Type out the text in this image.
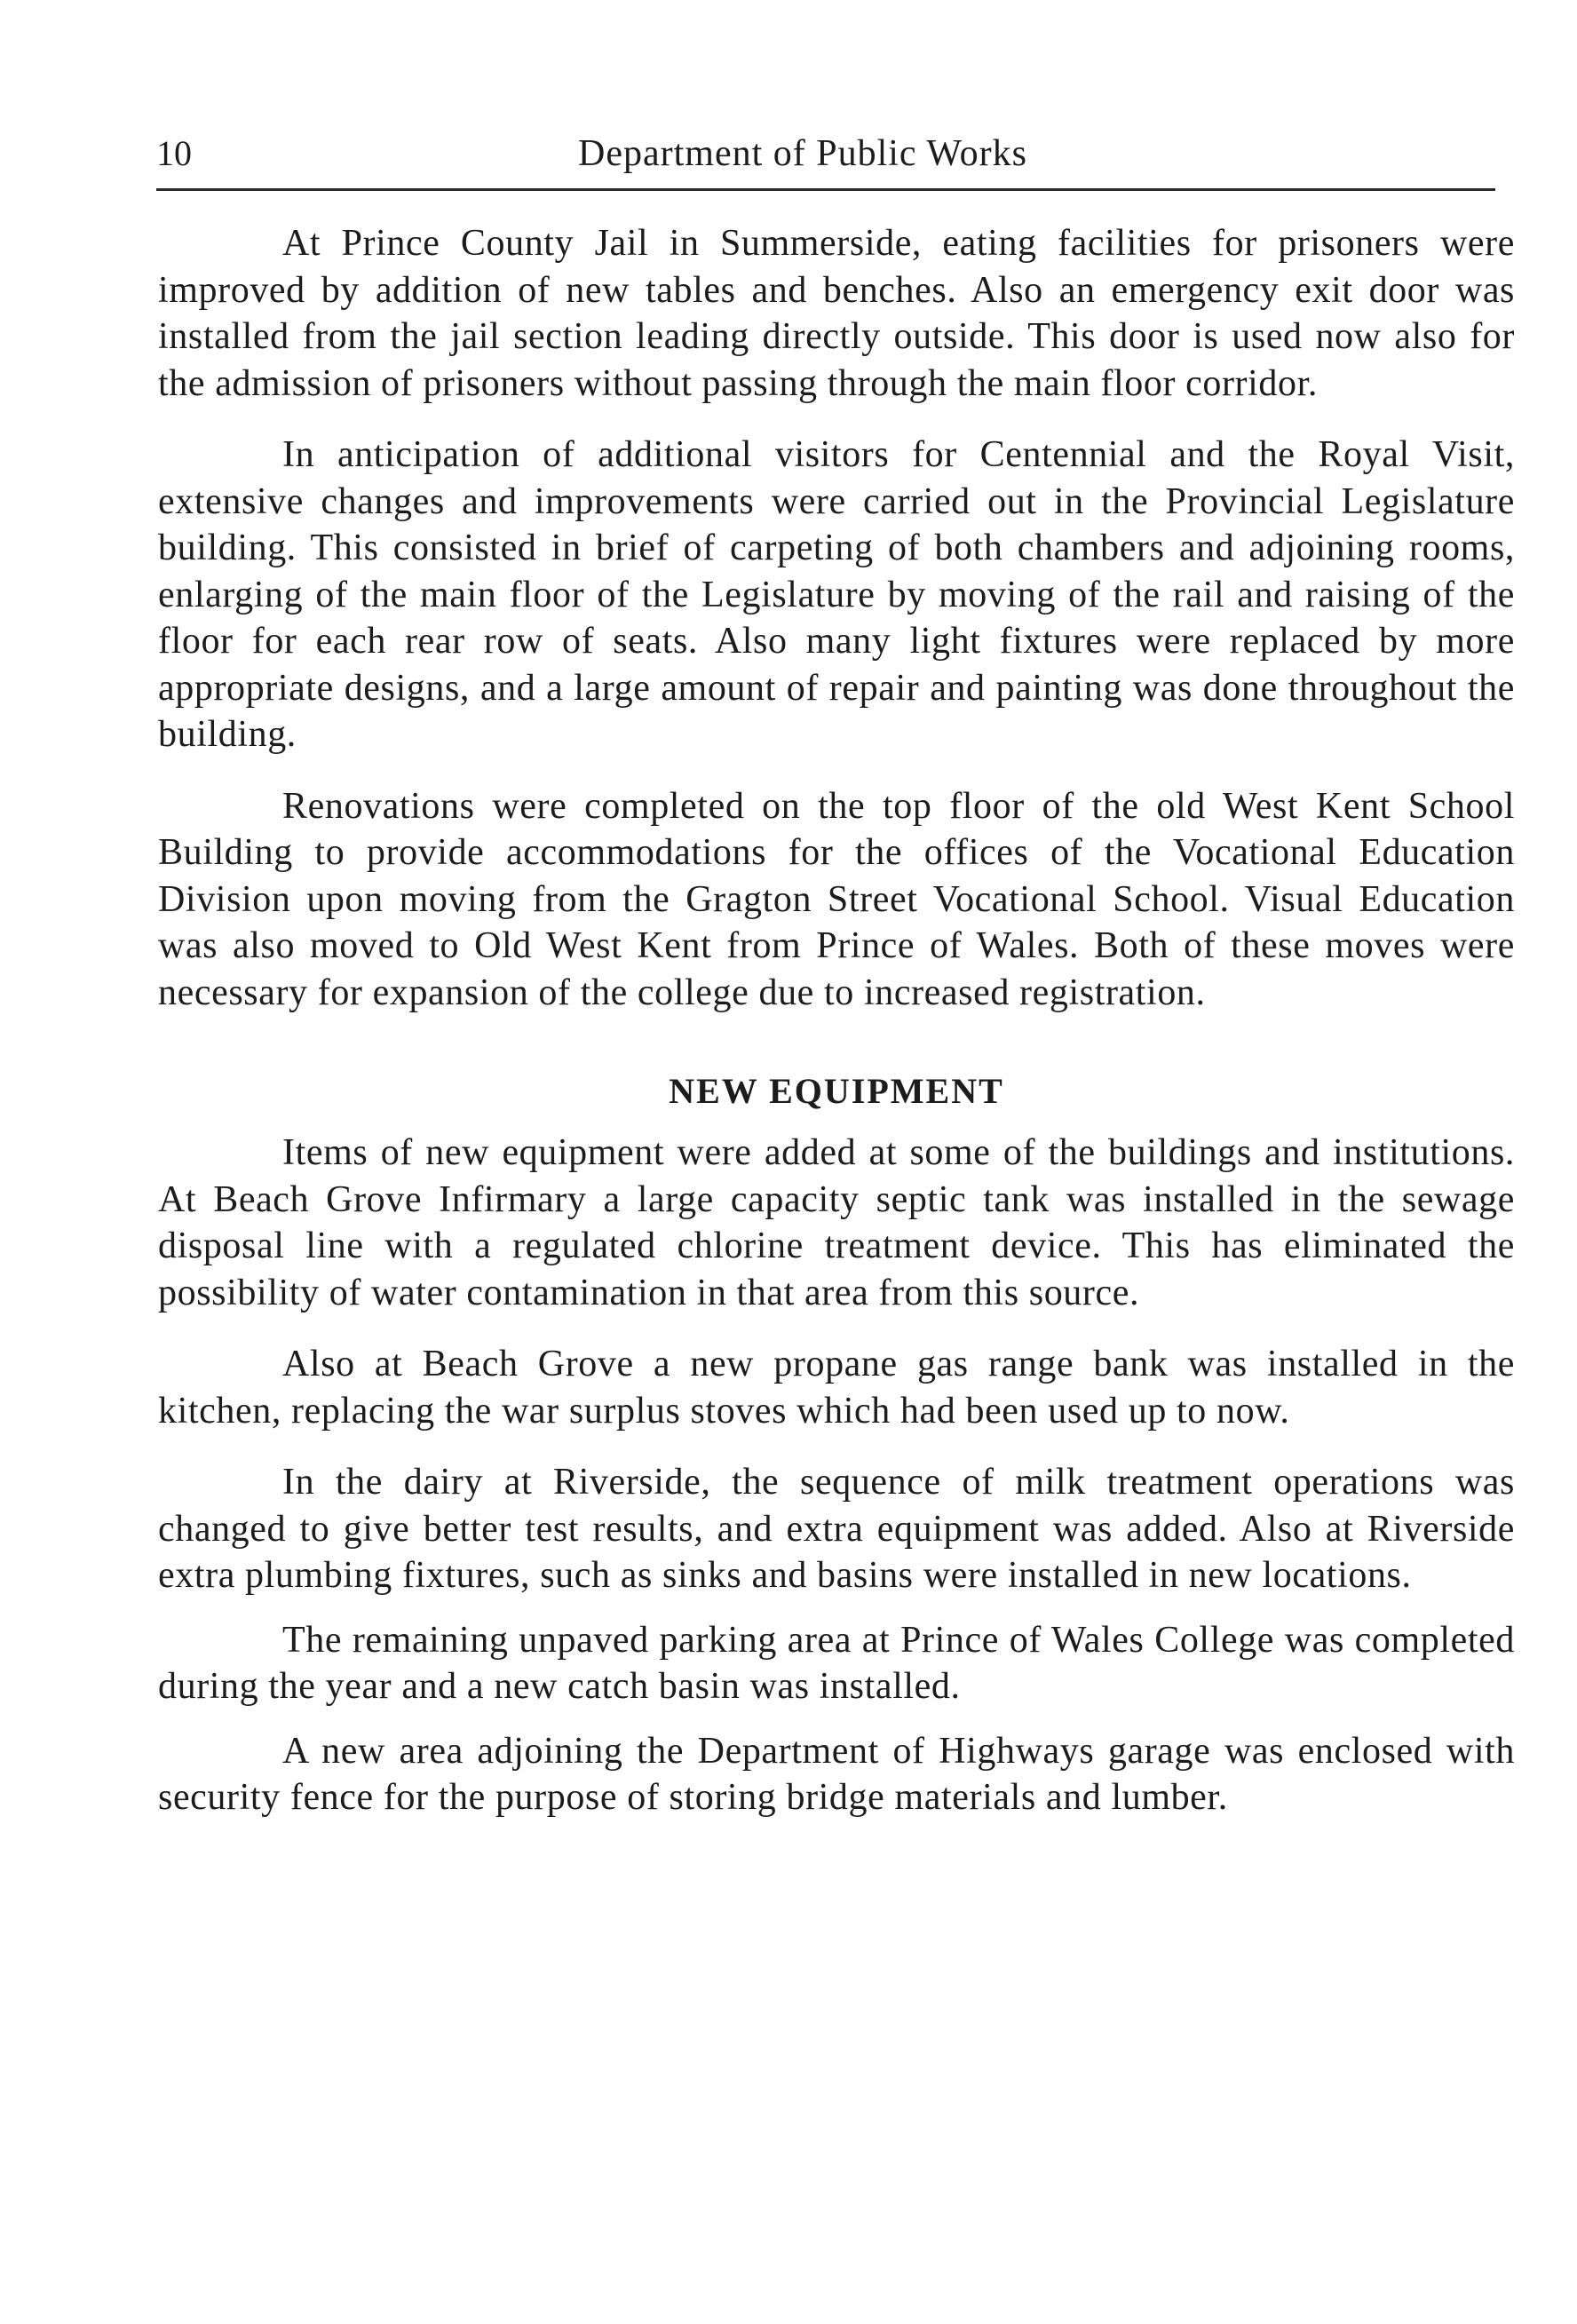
10	Department of Public Works

At Prince County Jail in Summerside, eating facilities for prisoners were improved by addition of new tables and benches. Also an emergency exit door was installed from the jail section leading directly outside. This door is used now also for the admission of prisoners without passing through the main floor corridor.

In anticipation of additional visitors for Centennial and the Royal Visit, extensive changes and improvements were carried out in the Provincial Legislature building. This consisted in brief of carpeting of both chambers and adjoining rooms, enlarging of the main floor of the Legislature by moving of the rail and raising of the floor for each rear row of seats. Also many light fixtures were replaced by more appropriate designs, and a large amount of repair and painting was done throughout the building.

Renovations were completed on the top floor of the old West Kent School Building to provide accommodations for the offices of the Vocational Education Division upon moving from the Gragton Street Vocational School. Visual Education was also moved to Old West Kent from Prince of Wales. Both of these moves were necessary for expansion of the college due to increased registration.

NEW EQUIPMENT

Items of new equipment were added at some of the buildings and institutions. At Beach Grove Infirmary a large capacity septic tank was installed in the sewage disposal line with a regulated chlorine treatment device. This has eliminated the possibility of water contamination in that area from this source.

Also at Beach Grove a new propane gas range bank was installed in the kitchen, replacing the war surplus stoves which had been used up to now.

In the dairy at Riverside, the sequence of milk treatment operations was changed to give better test results, and extra equipment was added. Also at Riverside extra plumbing fixtures, such as sinks and basins were installed in new locations.

The remaining unpaved parking area at Prince of Wales College was completed during the year and a new catch basin was installed.

A new area adjoining the Department of Highways garage was enclosed with security fence for the purpose of storing bridge materials and lumber.
